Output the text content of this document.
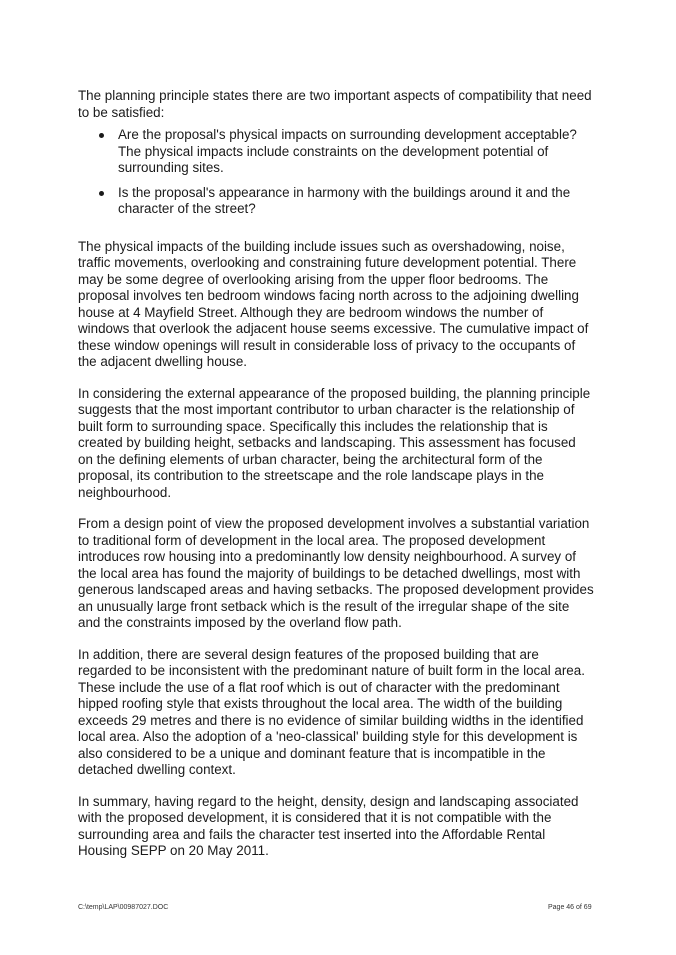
The planning principle states there are two important aspects of compatibility that need to be satisfied:

Are the proposal's physical impacts on surrounding development acceptable? The physical impacts include constraints on the development potential of surrounding sites.
Is the proposal's appearance in harmony with the buildings around it and the character of the street?

The physical impacts of the building include issues such as overshadowing, noise, traffic movements, overlooking and constraining future development potential. There may be some degree of overlooking arising from the upper floor bedrooms. The proposal involves ten bedroom windows facing north across to the adjoining dwelling house at 4 Mayfield Street. Although they are bedroom windows the number of windows that overlook the adjacent house seems excessive. The cumulative impact of these window openings will result in considerable loss of privacy to the occupants of the adjacent dwelling house.

In considering the external appearance of the proposed building, the planning principle suggests that the most important contributor to urban character is the relationship of built form to surrounding space. Specifically this includes the relationship that is created by building height, setbacks and landscaping. This assessment has focused on the defining elements of urban character, being the architectural form of the proposal, its contribution to the streetscape and the role landscape plays in the neighbourhood.

From a design point of view the proposed development involves a substantial variation to traditional form of development in the local area. The proposed development introduces row housing into a predominantly low density neighbourhood. A survey of the local area has found the majority of buildings to be detached dwellings, most with generous landscaped areas and having setbacks. The proposed development provides an unusually large front setback which is the result of the irregular shape of the site and the constraints imposed by the overland flow path.

In addition, there are several design features of the proposed building that are regarded to be inconsistent with the predominant nature of built form in the local area. These include the use of a flat roof which is out of character with the predominant hipped roofing style that exists throughout the local area. The width of the building exceeds 29 metres and there is no evidence of similar building widths in the identified local area. Also the adoption of a 'neo-classical' building style for this development is also considered to be a unique and dominant feature that is incompatible in the detached dwelling context.

In summary, having regard to the height, density, design and landscaping associated with the proposed development, it is considered that it is not compatible with the surrounding area and fails the character test inserted into the Affordable Rental Housing SEPP on 20 May 2011.

C:\temp\LAP\00987027.DOC	Page 46 of 69
